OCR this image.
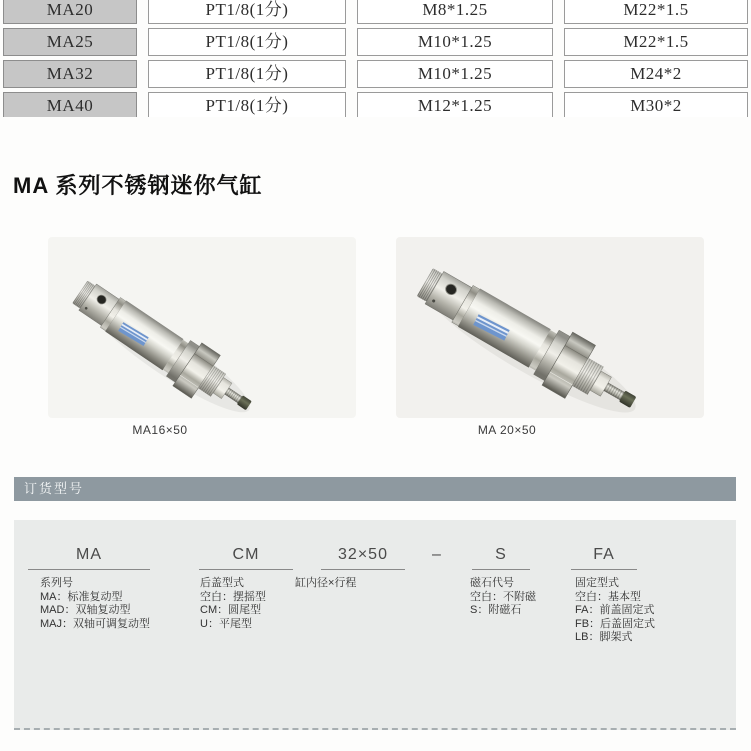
MA20	PT1/8(1分)	M8*1.25	M22*1.5
MA25	PT1/8(1分)	M10*1.25	M22*1.5
MA32	PT1/8(1分)	M10*1.25	M24*2
MA40	PT1/8(1分)	M12*1.25	M30*2
MA 系列不锈钢迷你气缸
MA16×50	MA 20×50
订货型号
MA	CM	32×50	–	S	FA
系列号
MA：标准复动型
MAD：双轴复动型
MAJ：双轴可调复动型
后盖型式
空白：摆摇型
CM：圆尾型
U：平尾型
缸内径×行程	磁石代号
空白：不附磁
S：附磁石
固定型式
空白：基本型
FA：前盖固定式
FB：后盖固定式
LB：脚架式
